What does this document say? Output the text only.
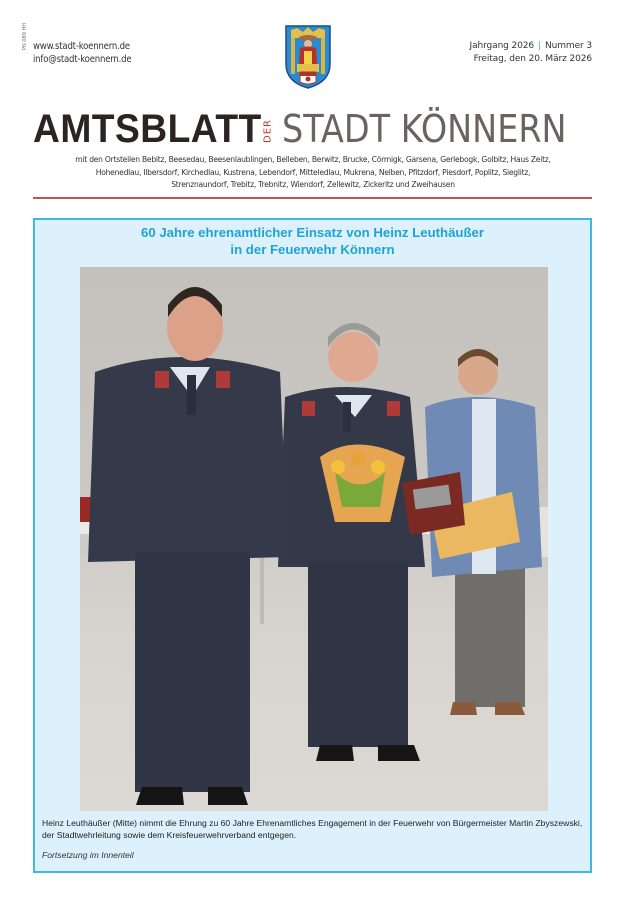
PN 089 HH www.stadt-koennern.de
info@stadt-koennern.de
Jahrgang 2026 | Nummer 3
Freitag, den 20. März 2026
AMTSBLATT DER STADT KÖNNERN
mit den Ortsteilen Bebitz, Beesedau, Beesenlaublingen, Belleben, Berwitz, Brucke, Cörmigk, Garsena, Gerlebogk, Golbitz, Haus Zeitz,
Hohenedlau, Ilbersdorf, Kirchedlau, Kustrena, Lebendorf, Mitteledlau, Mukrena, Nelben, Pfitzdorf, Piesdorf, Poplitz, Sieglitz,
Strenznaundorf, Trebitz, Trebnitz, Wiendorf, Zellewitz, Zickeritz und Zweihausen
60 Jahre ehrenamtlicher Einsatz von Heinz Leuthäußer
in der Feuerwehr Könnern
Heinz Leuthäußer (Mitte) nimmt die Ehrung zu 60 Jahre Ehrenamtliches Engagement in der Feuerwehr von Bürgermeister Martin Zbyszewski, der Stadtwehrleitung sowie dem Kreisfeuerwehrverband entgegen.
Fortsetzung im Innenteil
